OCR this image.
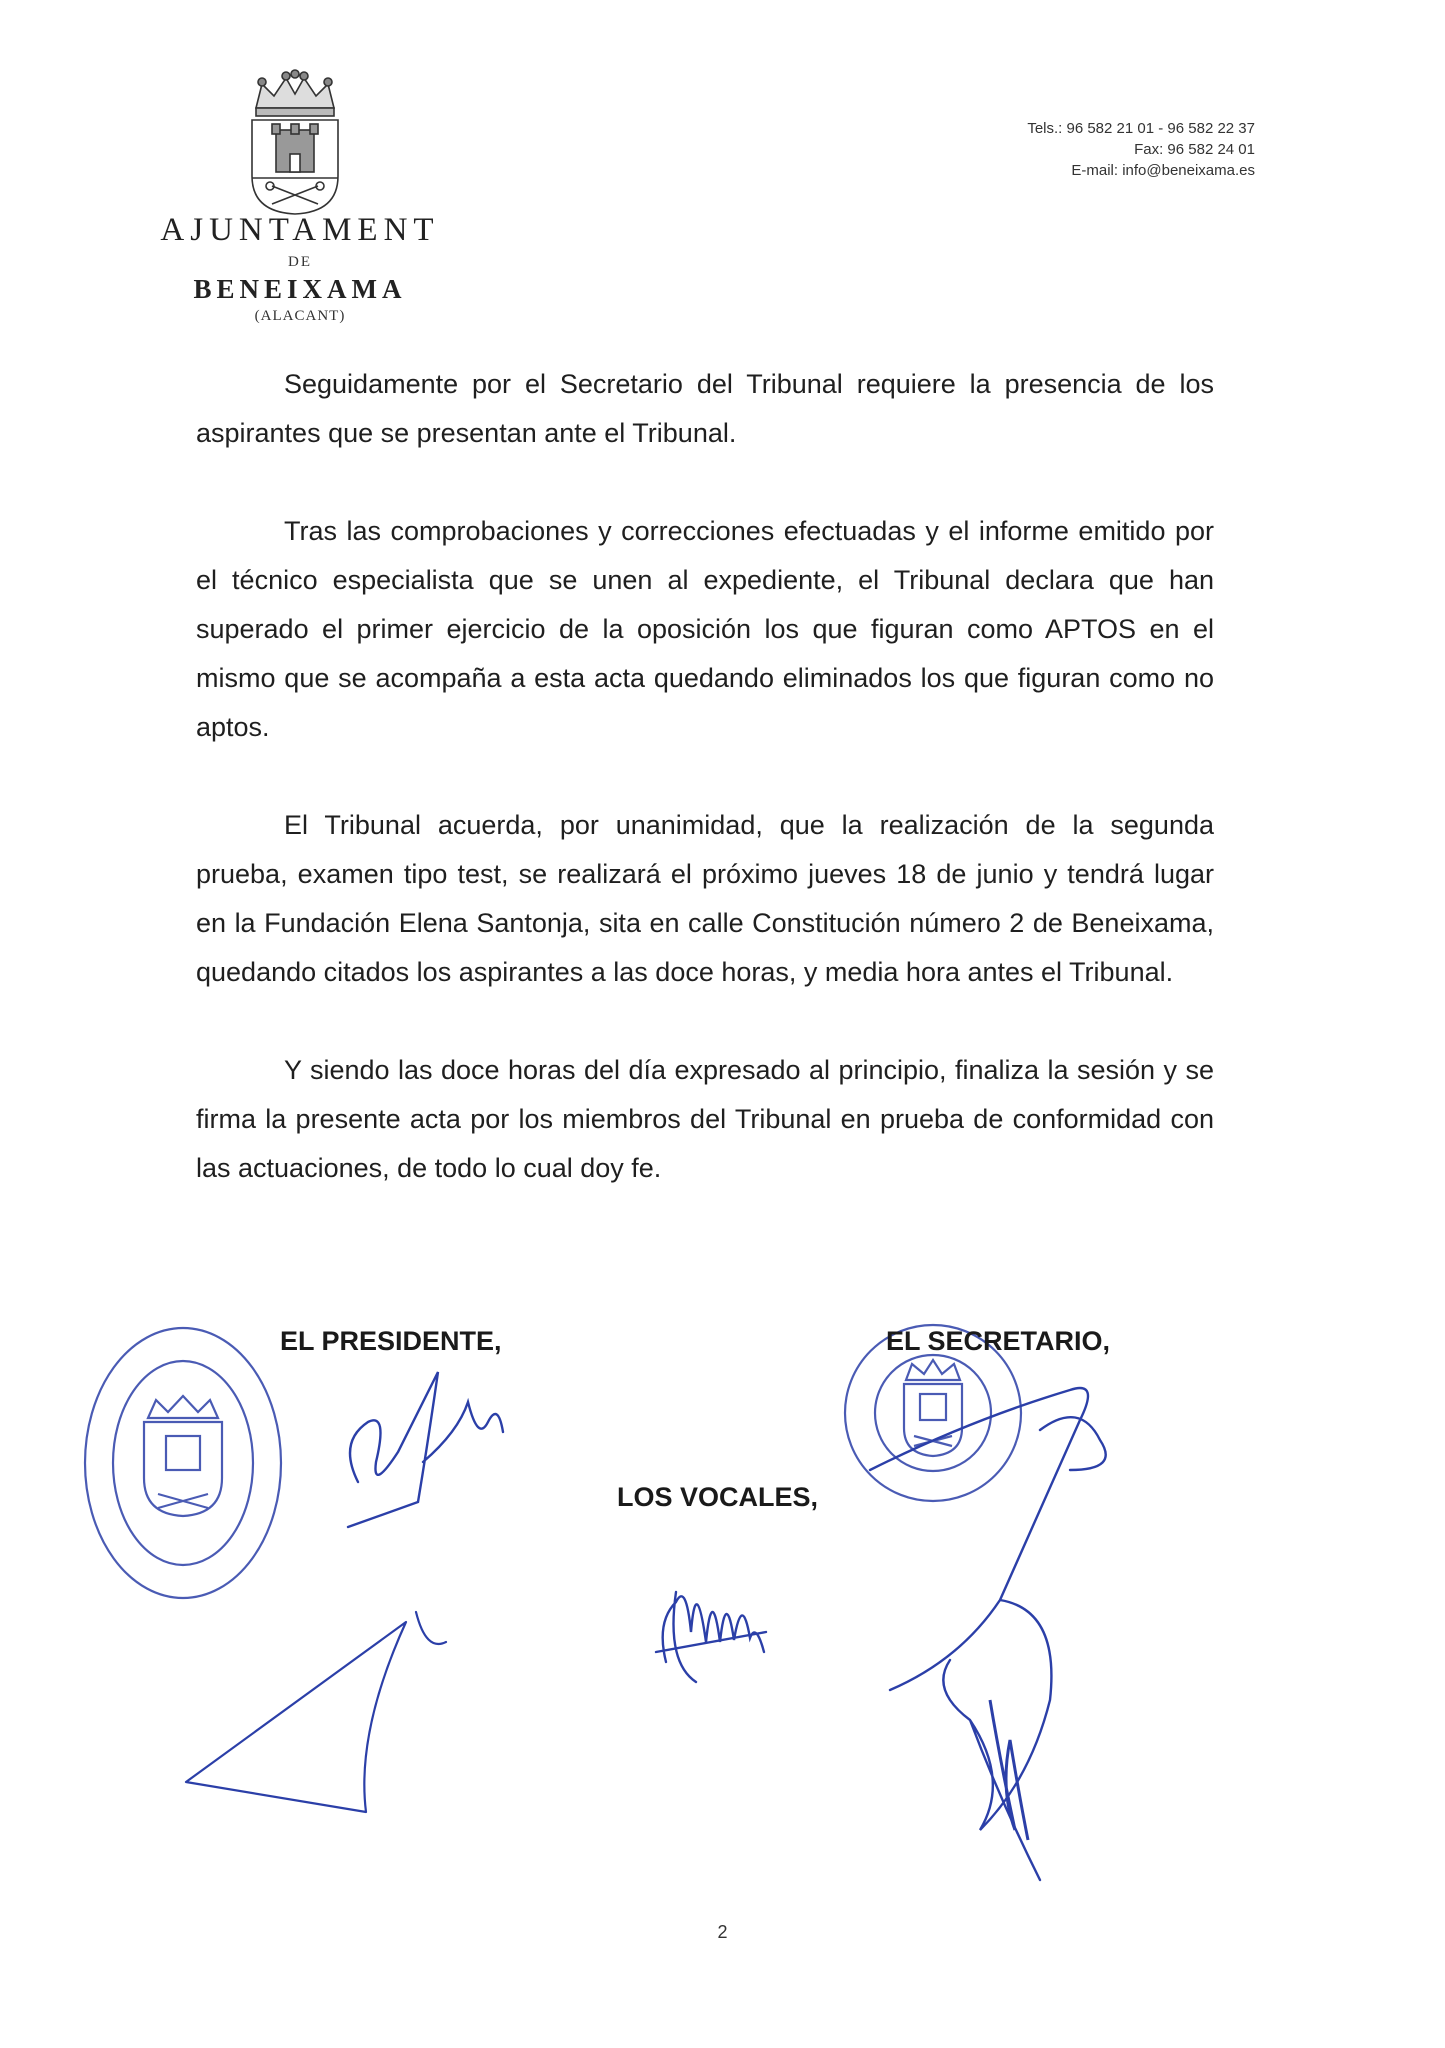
AJUNTAMENT
DE
BENEIXAMA
(ALACANT)
Tels.: 96 582 21 01 - 96 582 22 37
Fax: 96 582 24 01
E-mail: info@beneixama.es

Seguidamente por el Secretario del Tribunal requiere la presencia de los aspirantes que se presentan ante el Tribunal.

Tras las comprobaciones y correcciones efectuadas y el informe emitido por el técnico especialista que se unen al expediente, el Tribunal declara que han superado el primer ejercicio de la oposición los que figuran como APTOS en el mismo que se acompaña a esta acta quedando eliminados los que figuran como no aptos.

El Tribunal acuerda, por unanimidad, que la realización de la segunda prueba, examen tipo test, se realizará el próximo jueves 18 de junio y tendrá lugar en la Fundación Elena Santonja, sita en calle Constitución número 2 de Beneixama, quedando citados los aspirantes a las doce horas, y media hora antes el Tribunal.

Y siendo las doce horas del día expresado al principio, finaliza la sesión y se firma la presente acta por los miembros del Tribunal en prueba de conformidad con las actuaciones, de todo lo cual doy fe.

EL PRESIDENTE,	EL SECRETARIO,
LOS VOCALES,
2
